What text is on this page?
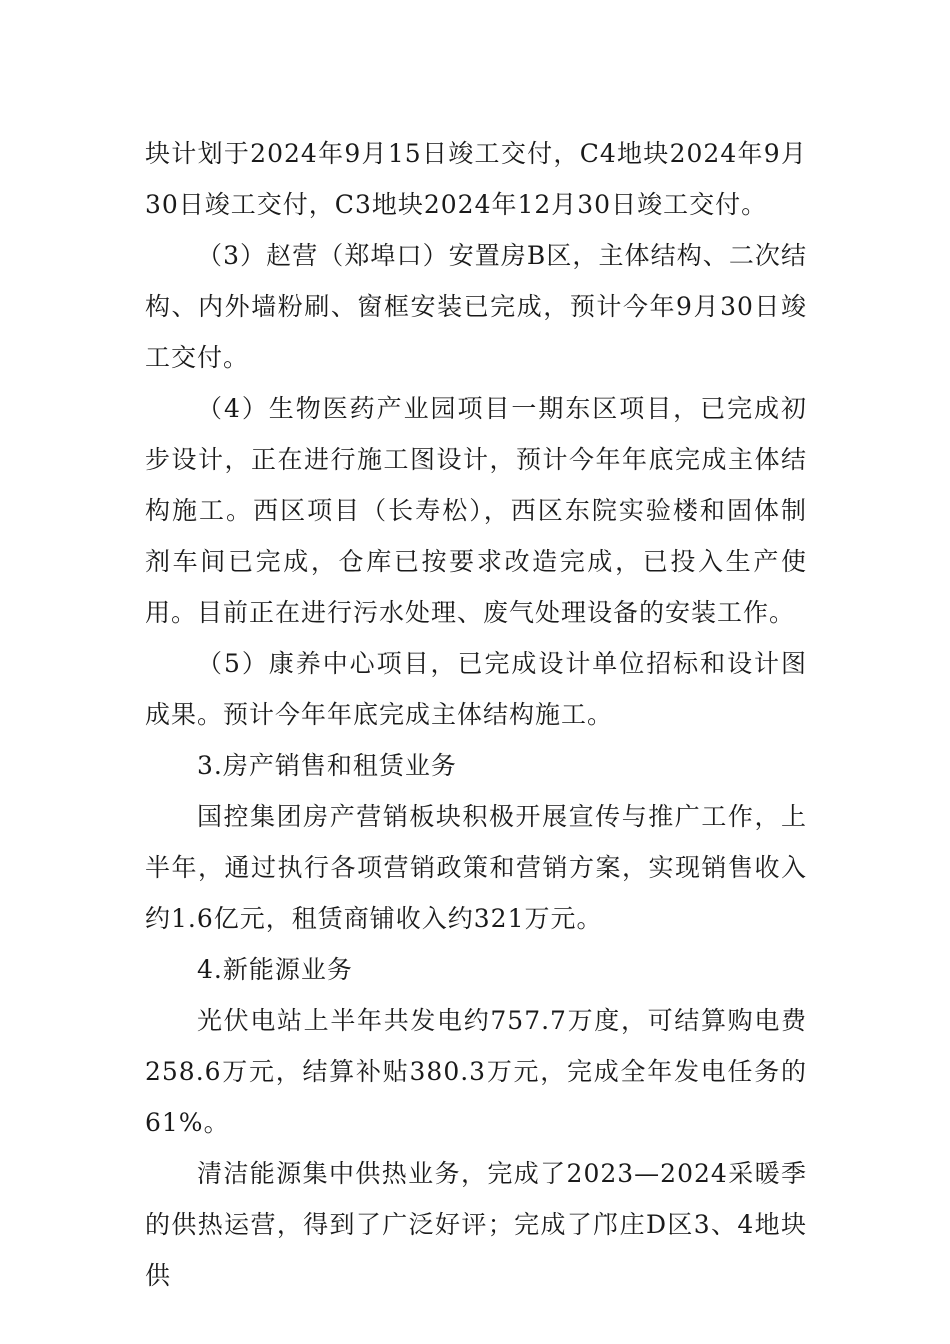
块计划于2024年9月15日竣工交付，C4地块2024年9月30日竣工交付，C3地块2024年12月30日竣工交付。

（3）赵营（郑埠口）安置房B区，主体结构、二次结构、内外墙粉刷、窗框安装已完成，预计今年9月30日竣工交付。

（4）生物医药产业园项目一期东区项目，已完成初步设计，正在进行施工图设计，预计今年年底完成主体结构施工。西区项目（长寿松），西区东院实验楼和固体制剂车间已完成，仓库已按要求改造完成，已投入生产使用。目前正在进行污水处理、废气处理设备的安装工作。

（5）康养中心项目，已完成设计单位招标和设计图成果。预计今年年底完成主体结构施工。

3.房产销售和租赁业务

国控集团房产营销板块积极开展宣传与推广工作，上半年，通过执行各项营销政策和营销方案，实现销售收入约1.6亿元，租赁商铺收入约321万元。

4.新能源业务

光伏电站上半年共发电约757.7万度，可结算购电费258.6万元，结算补贴380.3万元，完成全年发电任务的61%。

清洁能源集中供热业务，完成了2023—2024采暖季的供热运营，得到了广泛好评；完成了邝庄D区3、4地块供
